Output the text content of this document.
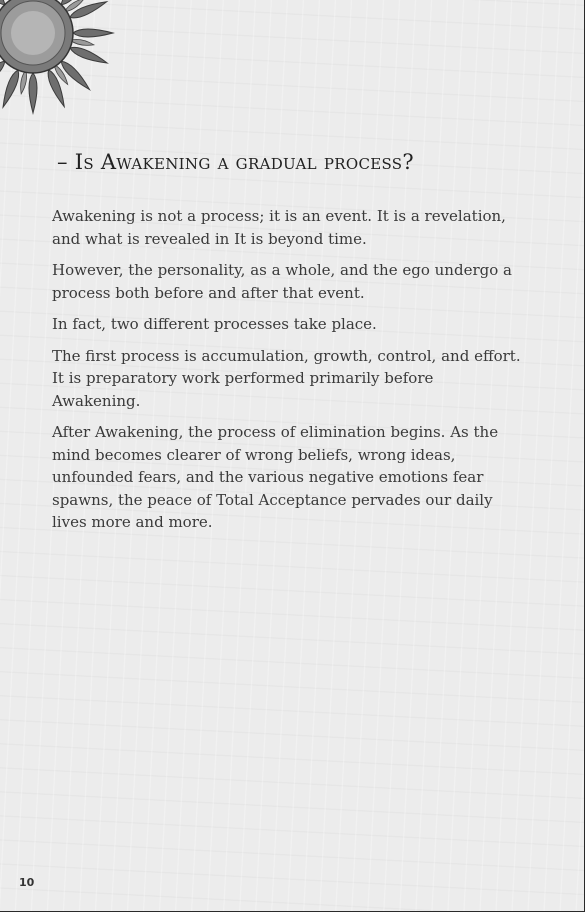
– Is Awakening a gradual process?

Awakening is not a process; it is an event. It is a revelation, and what is revealed in It is beyond time.

However, the personality, as a whole, and the ego undergo a process both before and after that event.

In fact, two different processes take place.

The first process is accumulation, growth, control, and effort. It is preparatory work performed primarily before Awakening.

After Awakening, the process of elimination begins. As the mind becomes clearer of wrong beliefs, wrong ideas, unfounded fears, and the various negative emotions fear spawns, the peace of Total Acceptance pervades our daily lives more and more.

10
